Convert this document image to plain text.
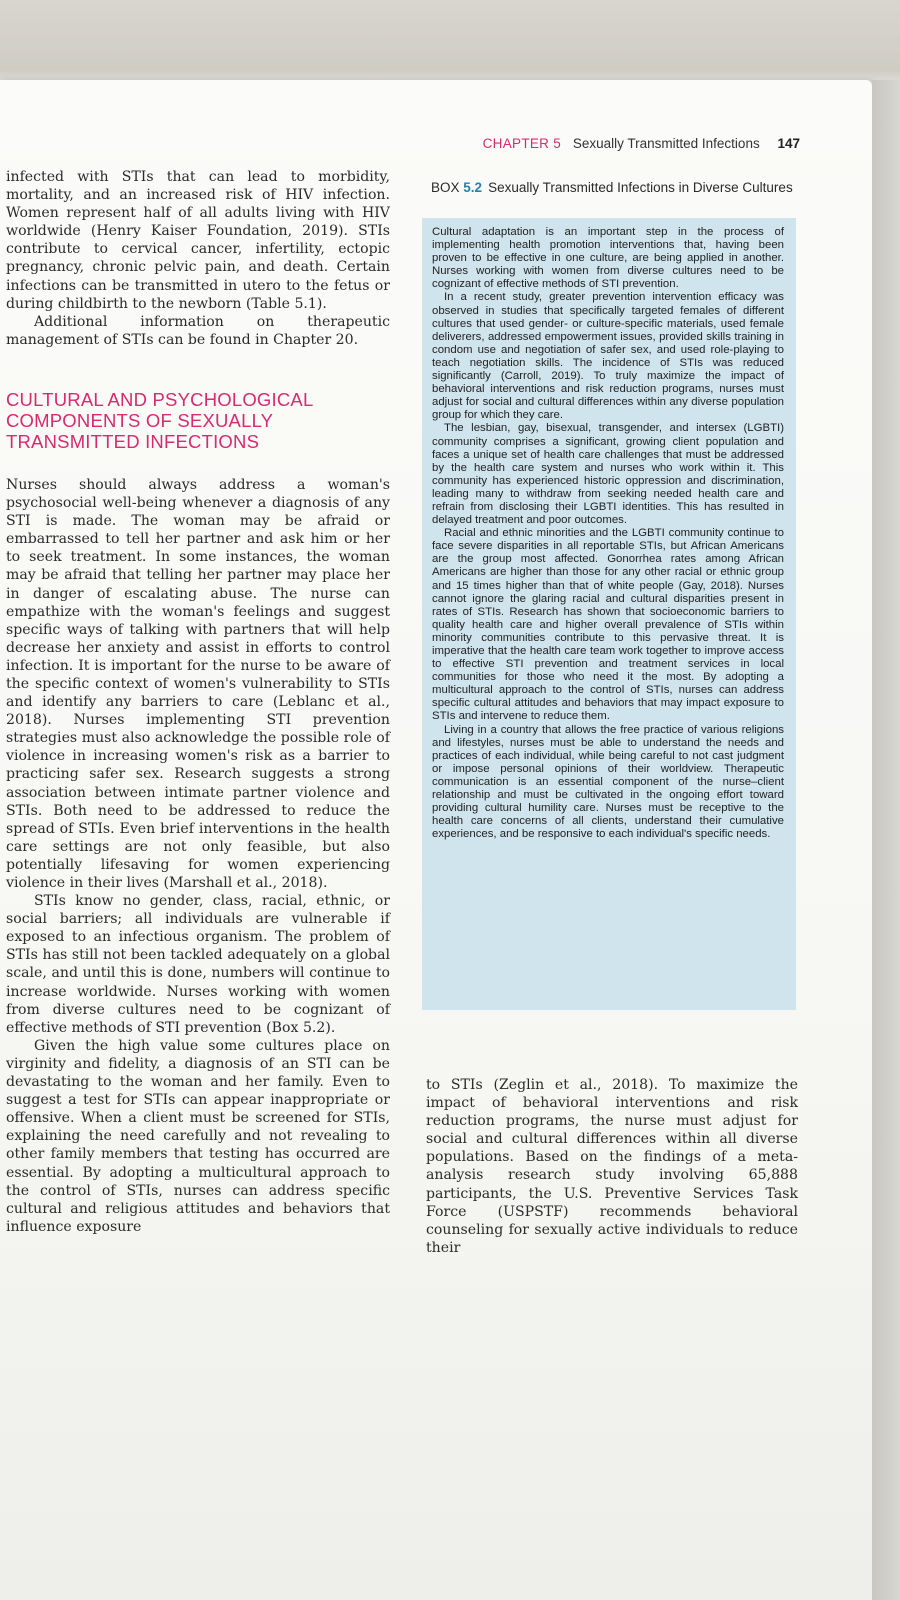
CHAPTER 5 Sexually Transmitted Infections 147

infected with STIs that can lead to morbidity, mortality, and an increased risk of HIV infection. Women represent half of all adults living with HIV worldwide (Henry Kaiser Foundation, 2019). STIs contribute to cervical cancer, infertility, ectopic pregnancy, chronic pelvic pain, and death. Certain infections can be transmitted in utero to the fetus or during childbirth to the newborn (Table 5.1).

Additional information on therapeutic management of STIs can be found in Chapter 20.

CULTURAL AND PSYCHOLOGICAL COMPONENTS OF SEXUALLY TRANSMITTED INFECTIONS

Nurses should always address a woman's psychosocial well-being whenever a diagnosis of any STI is made. The woman may be afraid or embarrassed to tell her partner and ask him or her to seek treatment. In some instances, the woman may be afraid that telling her partner may place her in danger of escalating abuse. The nurse can empathize with the woman's feelings and suggest specific ways of talking with partners that will help decrease her anxiety and assist in efforts to control infection. It is important for the nurse to be aware of the specific context of women's vulnerability to STIs and identify any barriers to care (Leblanc et al., 2018). Nurses implementing STI prevention strategies must also acknowledge the possible role of violence in increasing women's risk as a barrier to practicing safer sex. Research suggests a strong association between intimate partner violence and STIs. Both need to be addressed to reduce the spread of STIs. Even brief interventions in the health care settings are not only feasible, but also potentially lifesaving for women experiencing violence in their lives (Marshall et al., 2018).

STIs know no gender, class, racial, ethnic, or social barriers; all individuals are vulnerable if exposed to an infectious organism. The problem of STIs has still not been tackled adequately on a global scale, and until this is done, numbers will continue to increase worldwide. Nurses working with women from diverse cultures need to be cognizant of effective methods of STI prevention (Box 5.2).

Given the high value some cultures place on virginity and fidelity, a diagnosis of an STI can be devastating to the woman and her family. Even to suggest a test for STIs can appear inappropriate or offensive. When a client must be screened for STIs, explaining the need carefully and not revealing to other family members that testing has occurred are essential. By adopting a multicultural approach to the control of STIs, nurses can address specific cultural and religious attitudes and behaviors that influence exposure

BOX 5.2 Sexually Transmitted Infections in Diverse Cultures

Cultural adaptation is an important step in the process of implementing health promotion interventions that, having been proven to be effective in one culture, are being applied in another. Nurses working with women from diverse cultures need to be cognizant of effective methods of STI prevention.

In a recent study, greater prevention intervention efficacy was observed in studies that specifically targeted females of different cultures that used gender- or culture-specific materials, used female deliverers, addressed empowerment issues, provided skills training in condom use and negotiation of safer sex, and used role-playing to teach negotiation skills. The incidence of STIs was reduced significantly (Carroll, 2019). To truly maximize the impact of behavioral interventions and risk reduction programs, nurses must adjust for social and cultural differences within any diverse population group for which they care.

The lesbian, gay, bisexual, transgender, and intersex (LGBTI) community comprises a significant, growing client population and faces a unique set of health care challenges that must be addressed by the health care system and nurses who work within it. This community has experienced historic oppression and discrimination, leading many to withdraw from seeking needed health care and refrain from disclosing their LGBTI identities. This has resulted in delayed treatment and poor outcomes.

Racial and ethnic minorities and the LGBTI community continue to face severe disparities in all reportable STIs, but African Americans are the group most affected. Gonorrhea rates among African Americans are higher than those for any other racial or ethnic group and 15 times higher than that of white people (Gay, 2018). Nurses cannot ignore the glaring racial and cultural disparities present in rates of STIs. Research has shown that socioeconomic barriers to quality health care and higher overall prevalence of STIs within minority communities contribute to this pervasive threat. It is imperative that the health care team work together to improve access to effective STI prevention and treatment services in local communities for those who need it the most. By adopting a multicultural approach to the control of STIs, nurses can address specific cultural attitudes and behaviors that may impact exposure to STIs and intervene to reduce them.

Living in a country that allows the free practice of various religions and lifestyles, nurses must be able to understand the needs and practices of each individual, while being careful to not cast judgment or impose personal opinions of their worldview. Therapeutic communication is an essential component of the nurse–client relationship and must be cultivated in the ongoing effort toward providing cultural humility care. Nurses must be receptive to the health care concerns of all clients, understand their cumulative experiences, and be responsive to each individual's specific needs.

to STIs (Zeglin et al., 2018). To maximize the impact of behavioral interventions and risk reduction programs, the nurse must adjust for social and cultural differences within all diverse populations. Based on the findings of a meta-analysis research study involving 65,888 participants, the U.S. Preventive Services Task Force (USPSTF) recommends behavioral counseling for sexually active individuals to reduce their
